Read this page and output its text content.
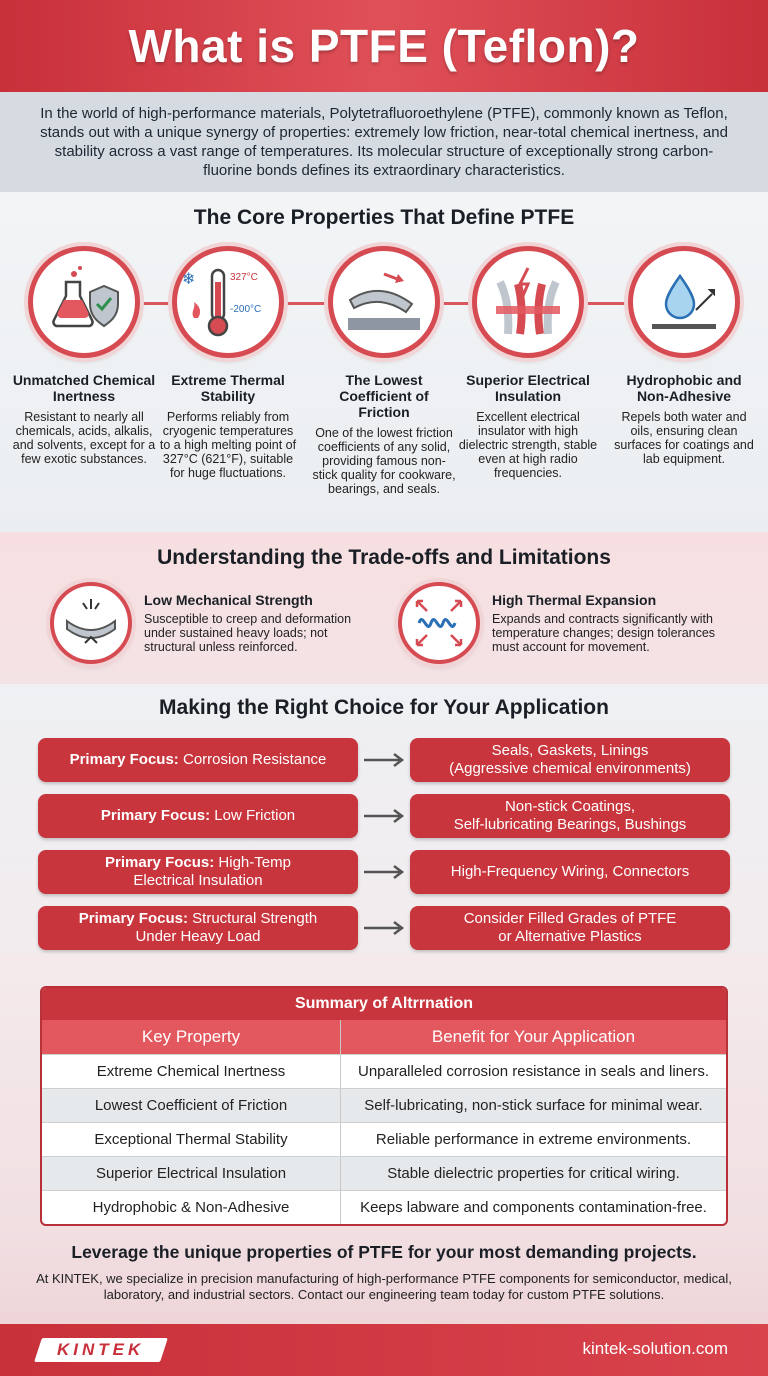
What is PTFE (Teflon)?
In the world of high-performance materials, Polytetrafluoroethylene (PTFE), commonly known as Teflon, stands out with a unique synergy of properties: extremely low friction, near-total chemical inertness, and stability across a vast range of temperatures. Its molecular structure of exceptionally strong carbon-fluorine bonds defines its extraordinary characteristics.
The Core Properties That Define PTFE
Unmatched Chemical Inertness
Resistant to nearly all chemicals, acids, alkalis, and solvents, except for a few exotic substances.
❄	327°C
-200°C
Extreme Thermal Stability
Performs reliably from cryogenic temperatures to a high melting point of 327°C (621°F), suitable for huge fluctuations.
The Lowest Coefficient of Friction
One of the lowest friction coefficients of any solid, providing famous non-stick quality for cookware, bearings, and seals.
Superior Electrical Insulation
Excellent electrical insulator with high dielectric strength, stable even at high radio frequencies.
Hydrophobic and Non-Adhesive
Repels both water and oils, ensuring clean surfaces for coatings and lab equipment.
Understanding the Trade-offs and Limitations
Low Mechanical Strength
Susceptible to creep and deformation under sustained heavy loads; not structural unless reinforced.
High Thermal Expansion
Expands and contracts significantly with temperature changes; design tolerances must account for movement.
Making the Right Choice for Your Application
Primary Focus: Corrosion Resistance
Seals, Gaskets, Linings
(Aggressive chemical environments)
Primary Focus: Low Friction
Non-stick Coatings,
Self-lubricating Bearings, Bushings
Primary Focus: High-Temp Electrical Insulation
High-Frequency Wiring, Connectors
Primary Focus: Structural Strength Under Heavy Load
Consider Filled Grades of PTFE
or Alternative Plastics
Summary of Altrrnation
Key Property	Benefit for Your Application
Extreme Chemical Inertness	Unparalleled corrosion resistance in seals and liners.
Lowest Coefficient of Friction	Self-lubricating, non-stick surface for minimal wear.
Exceptional Thermal Stability	Reliable performance in extreme environments.
Superior Electrical Insulation	Stable dielectric properties for critical wiring.
Hydrophobic & Non-Adhesive	Keeps labware and components contamination-free.
Leverage the unique properties of PTFE for your most demanding projects.
At KINTEK, we specialize in precision manufacturing of high-performance PTFE components for semiconductor, medical, laboratory, and industrial sectors. Contact our engineering team today for custom PTFE solutions.
KINTEK	kintek-solution.com
